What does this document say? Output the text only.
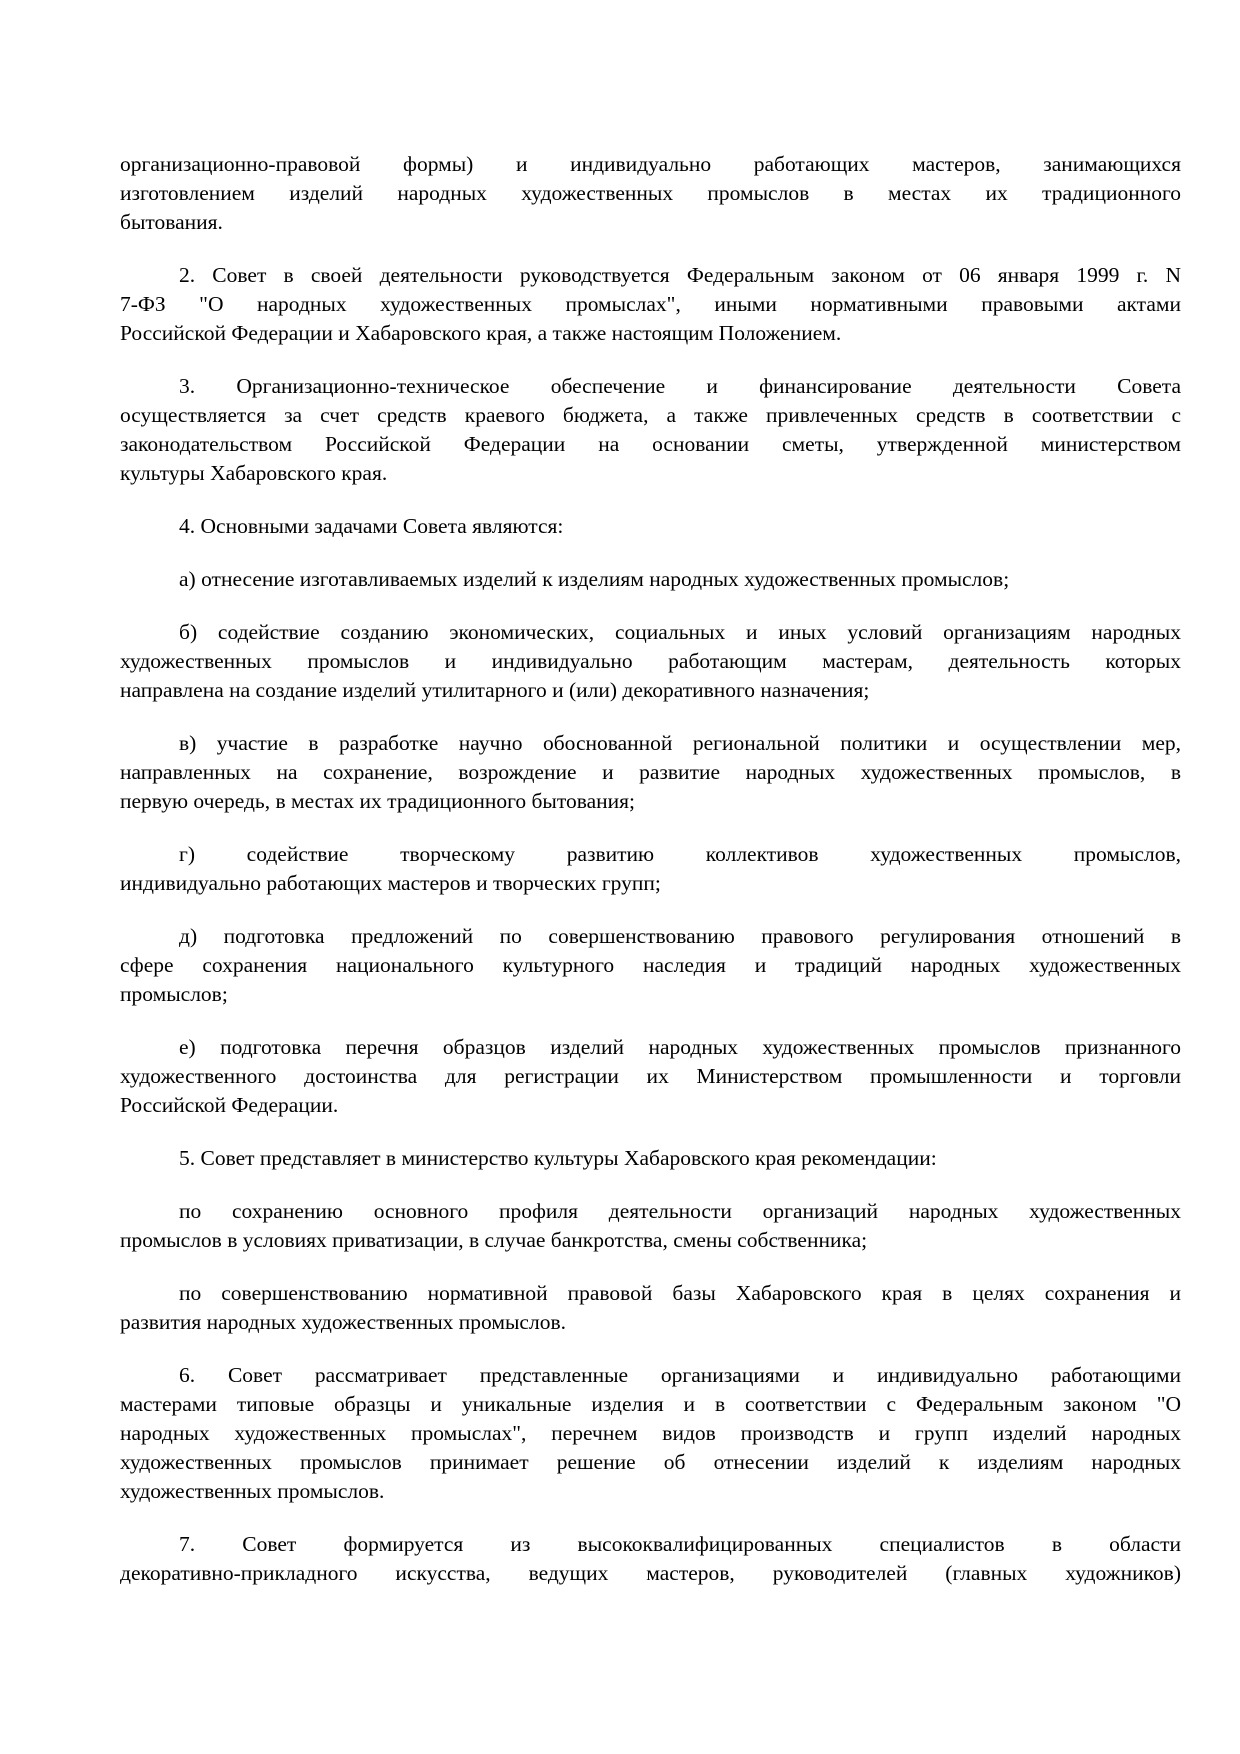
организационно-правовой формы) и индивидуально работающих мастеров, занимающихся
изготовлением изделий народных художественных промыслов в местах их традиционного
бытования.
2. Совет в своей деятельности руководствуется Федеральным законом от 06 января 1999 г. N
7-ФЗ "О народных художественных промыслах", иными нормативными правовыми актами
Российской Федерации и Хабаровского края, а также настоящим Положением.
3. Организационно-техническое обеспечение и финансирование деятельности Совета
осуществляется за счет средств краевого бюджета, а также привлеченных средств в соответствии с
законодательством Российской Федерации на основании сметы, утвержденной министерством
культуры Хабаровского края.
4. Основными задачами Совета являются:
а) отнесение изготавливаемых изделий к изделиям народных художественных промыслов;
б) содействие созданию экономических, социальных и иных условий организациям народных
художественных промыслов и индивидуально работающим мастерам, деятельность которых
направлена на создание изделий утилитарного и (или) декоративного назначения;
в) участие в разработке научно обоснованной региональной политики и осуществлении мер,
направленных на сохранение, возрождение и развитие народных художественных промыслов, в
первую очередь, в местах их традиционного бытования;
г) содействие творческому развитию коллективов художественных промыслов,
индивидуально работающих мастеров и творческих групп;
д) подготовка предложений по совершенствованию правового регулирования отношений в
сфере сохранения национального культурного наследия и традиций народных художественных
промыслов;
е) подготовка перечня образцов изделий народных художественных промыслов признанного
художественного достоинства для регистрации их Министерством промышленности и торговли
Российской Федерации.
5. Совет представляет в министерство культуры Хабаровского края рекомендации:
по сохранению основного профиля деятельности организаций народных художественных
промыслов в условиях приватизации, в случае банкротства, смены собственника;
по совершенствованию нормативной правовой базы Хабаровского края в целях сохранения и
развития народных художественных промыслов.
6. Совет рассматривает представленные организациями и индивидуально работающими
мастерами типовые образцы и уникальные изделия и в соответствии с Федеральным законом "О
народных художественных промыслах", перечнем видов производств и групп изделий народных
художественных промыслов принимает решение об отнесении изделий к изделиям народных
художественных промыслов.
7. Совет формируется из высококвалифицированных специалистов в области
декоративно-прикладного искусства, ведущих мастеров, руководителей (главных художников)
